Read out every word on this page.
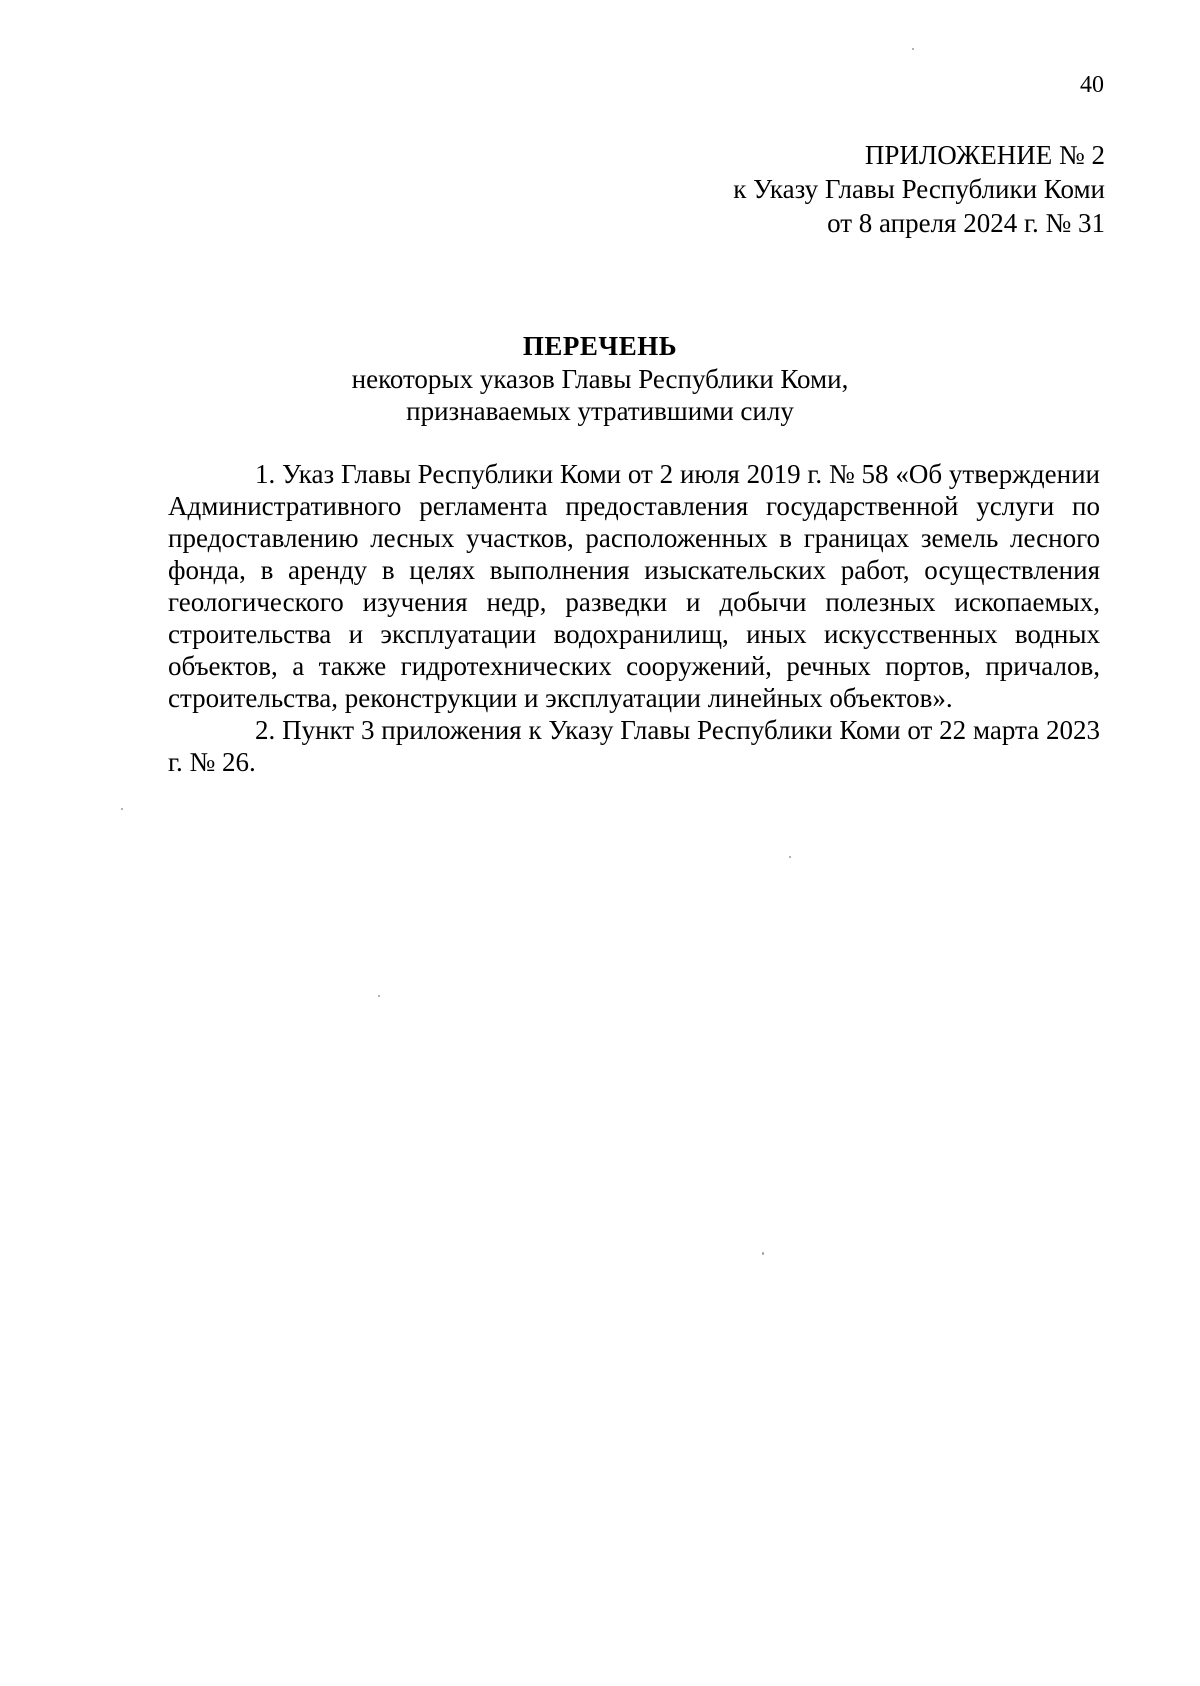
40
ПРИЛОЖЕНИЕ № 2
к Указу Главы Республики Коми
от 8 апреля 2024 г. № 31
ПЕРЕЧЕНЬ
некоторых указов Главы Республики Коми,
признаваемых утратившими силу

1. Указ Главы Республики Коми от 2 июля 2019 г. № 58 «Об утверждении Административного регламента предоставления государственной услуги по предоставлению лесных участков, расположенных в границах земель лесного фонда, в аренду в целях выполнения изыскательских работ, осуществления геологического изучения недр, разведки и добычи полезных ископаемых, строительства и эксплуатации водохранилищ, иных искусственных водных объектов, а также гидротехнических сооружений, речных портов, причалов, строительства, реконструкции и эксплуатации линейных объектов».

2. Пункт 3 приложения к Указу Главы Республики Коми от 22 марта 2023 г. № 26.
